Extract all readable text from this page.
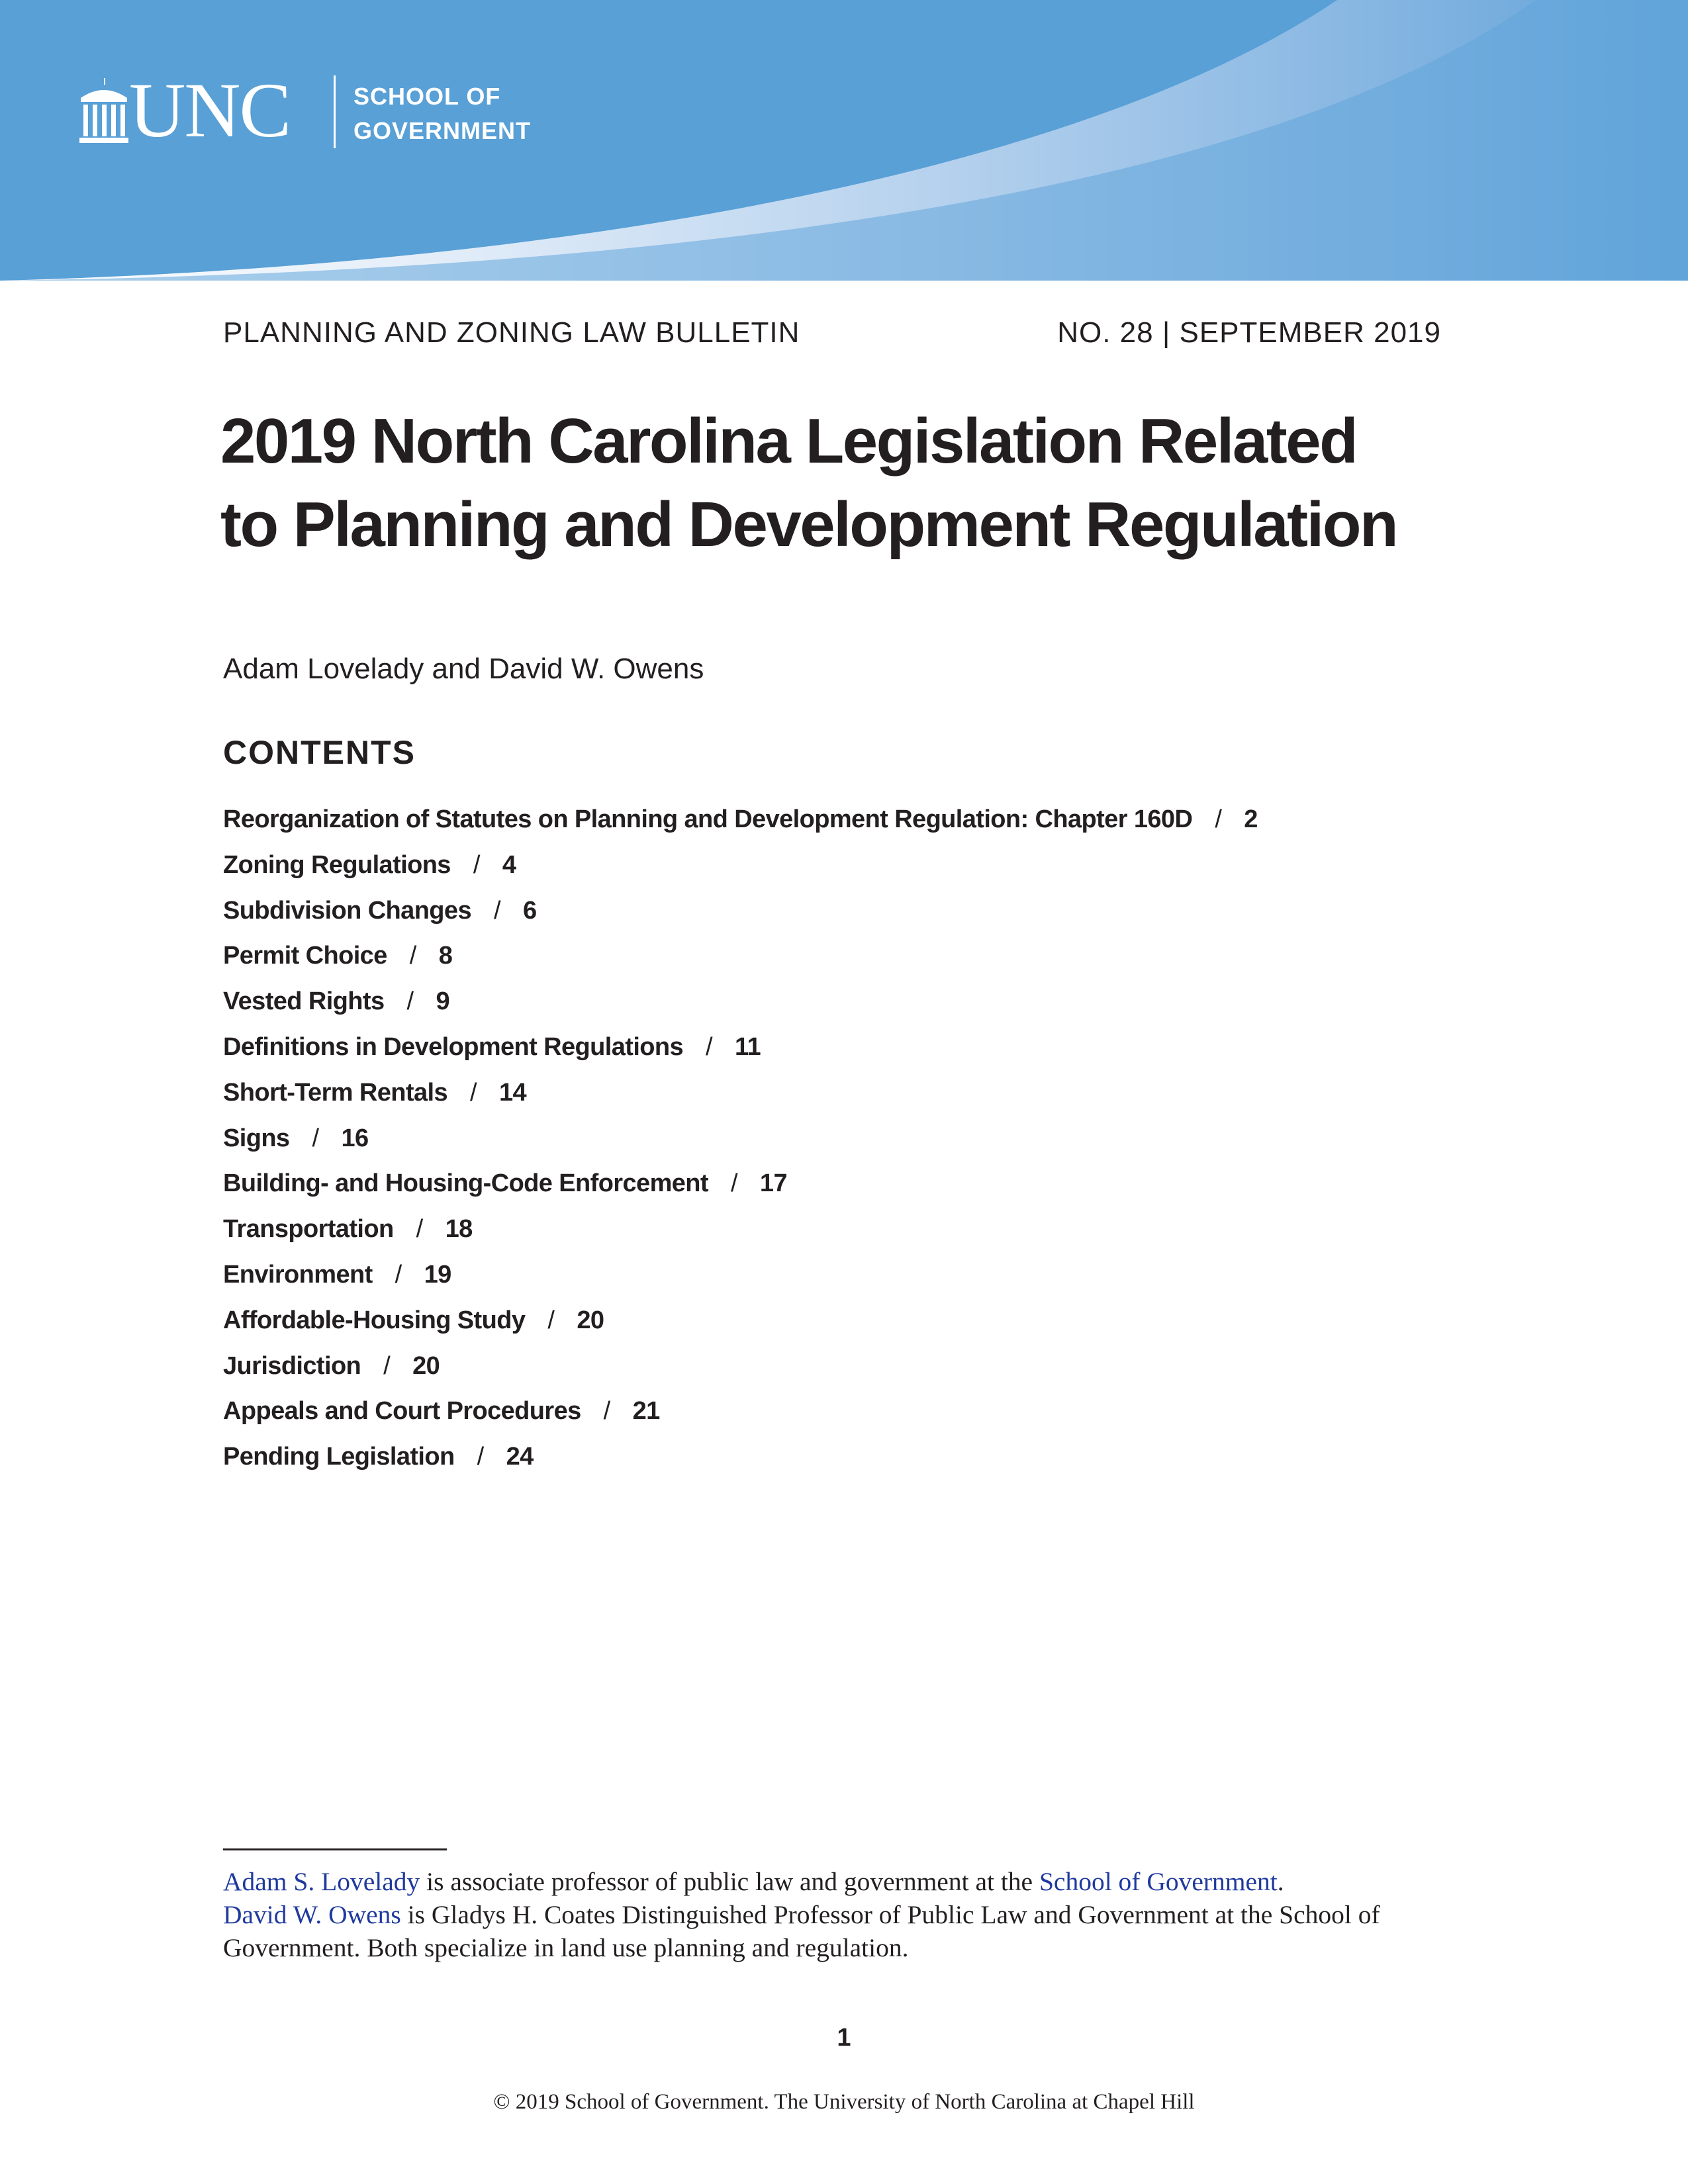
UNC	SCHOOL OF
GOVERNMENT
PLANNING AND ZONING LAW BULLETIN	NO. 28 | SEPTEMBER 2019
2019 North Carolina Legislation Related
to Planning and Development Regulation
Adam Lovelady and David W. Owens
CONTENTS
Reorganization of Statutes on Planning and Development Regulation: Chapter 160D / 2
Zoning Regulations / 4
Subdivision Changes / 6
Permit Choice / 8
Vested Rights / 9
Definitions in Development Regulations / 11
Short-Term Rentals / 14
Signs / 16
Building- and Housing-Code Enforcement / 17
Transportation / 18
Environment / 19
Affordable-Housing Study / 20
Jurisdiction / 20
Appeals and Court Procedures / 21
Pending Legislation / 24

Adam S. Lovelady is associate professor of public law and government at the School of Government.
David W. Owens is Gladys H. Coates Distinguished Professor of Public Law and Government at the School of Government. Both specialize in land use planning and regulation.

1
© 2019 School of Government. The University of North Carolina at Chapel Hill
